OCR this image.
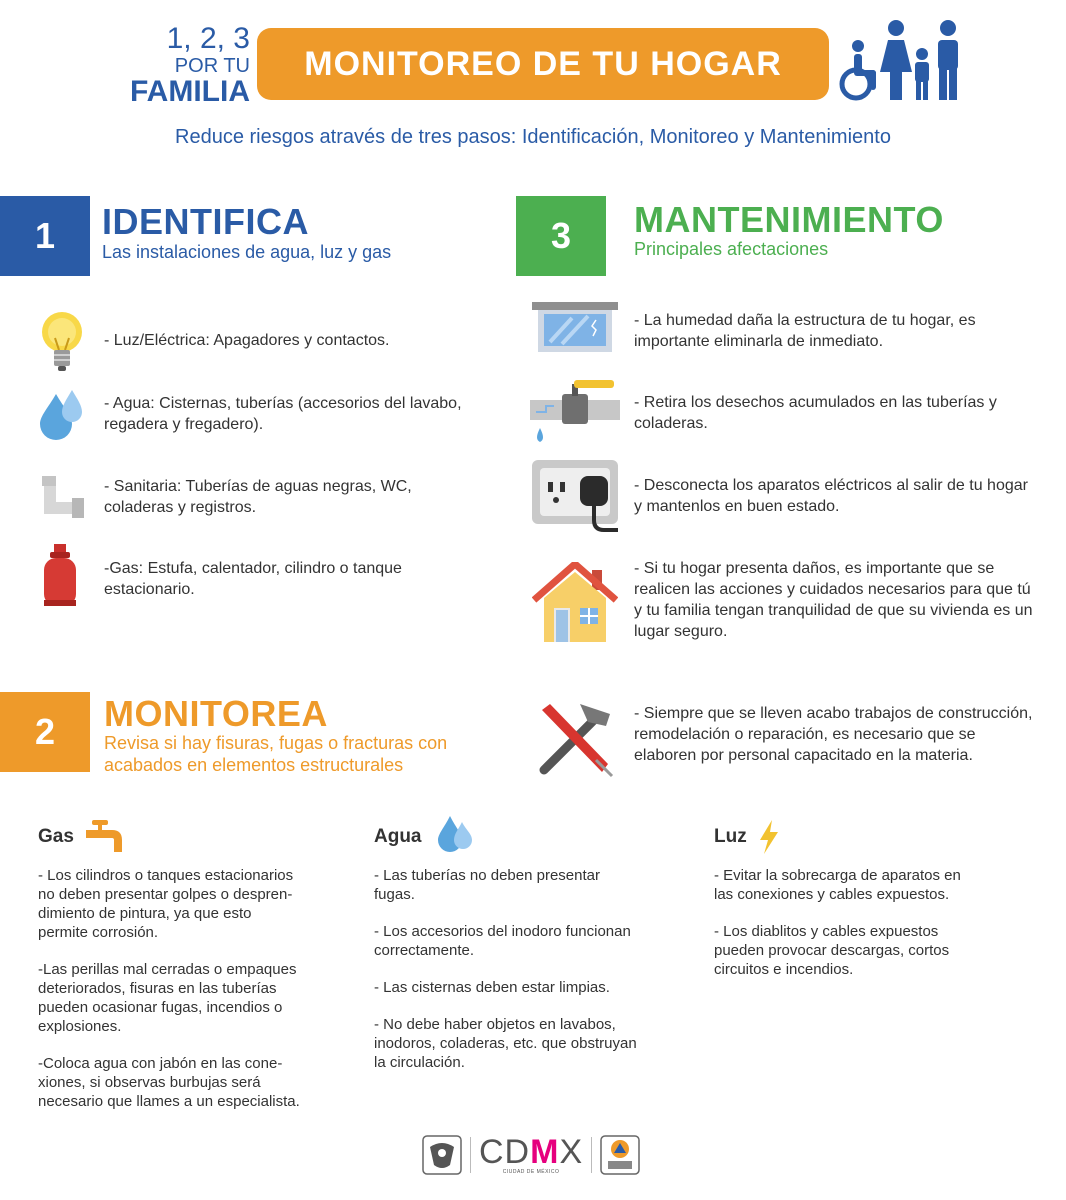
1, 2, 3
POR TU
FAMILIA
MONITOREO DE TU HOGAR
Reduce riesgos através de tres pasos: Identificación, Monitoreo y Mantenimiento
1	IDENTIFICA
Las instalaciones de agua, luz y gas
- Luz/Eléctrica: Apagadores y contactos.
- Agua: Cisternas, tuberías (accesorios del lavabo, regadera y fregadero).
- Sanitaria: Tuberías de aguas negras, WC, coladeras y registros.
-Gas: Estufa, calentador, cilindro o tanque estacionario.
2	MONITOREA
Revisa si hay fisuras, fugas o fracturas con acabados en elementos estructurales
3	MANTENIMIENTO
Principales afectaciones
- La humedad daña la estructura de tu hogar, es importante eliminarla de inmediato.
- Retira los desechos acumulados en las tuberías y coladeras.
- Desconecta los aparatos eléctricos al salir de tu hogar y mantenlos en buen estado.
- Si tu hogar presenta daños, es importante que se realicen las acciones y cuidados necesarios para que tú y tu familia tengan tranquilidad de que su vivienda es un lugar seguro.
- Siempre que se lleven acabo trabajos de construcción, remodelación o reparación, es necesario que se elaboren por personal capacitado en la materia.
Gas

- Los cilindros o tanques estacionarios
no deben presentar golpes o despren-
dimiento de pintura, ya que esto
permite corrosión.

-Las perillas mal cerradas o empaques
deteriorados, fisuras en las tuberías
pueden ocasionar fugas, incendios o
explosiones.

-Coloca agua con jabón en las cone-
xiones, si observas burbujas será
necesario que llames a un especialista.

Agua

- Las tuberías no deben presentar
fugas.

- Los accesorios del inodoro funcionan
correctamente.

- Las cisternas deben estar limpias.

- No debe haber objetos en lavabos,
inodoros, coladeras, etc. que obstruyan
la circulación.

Luz

- Evitar la sobrecarga de aparatos en
las conexiones y cables expuestos.

- Los diablitos y cables expuestos
pueden provocar descargas, cortos
circuitos e incendios.

CDMX
CIUDAD DE MÉXICO
